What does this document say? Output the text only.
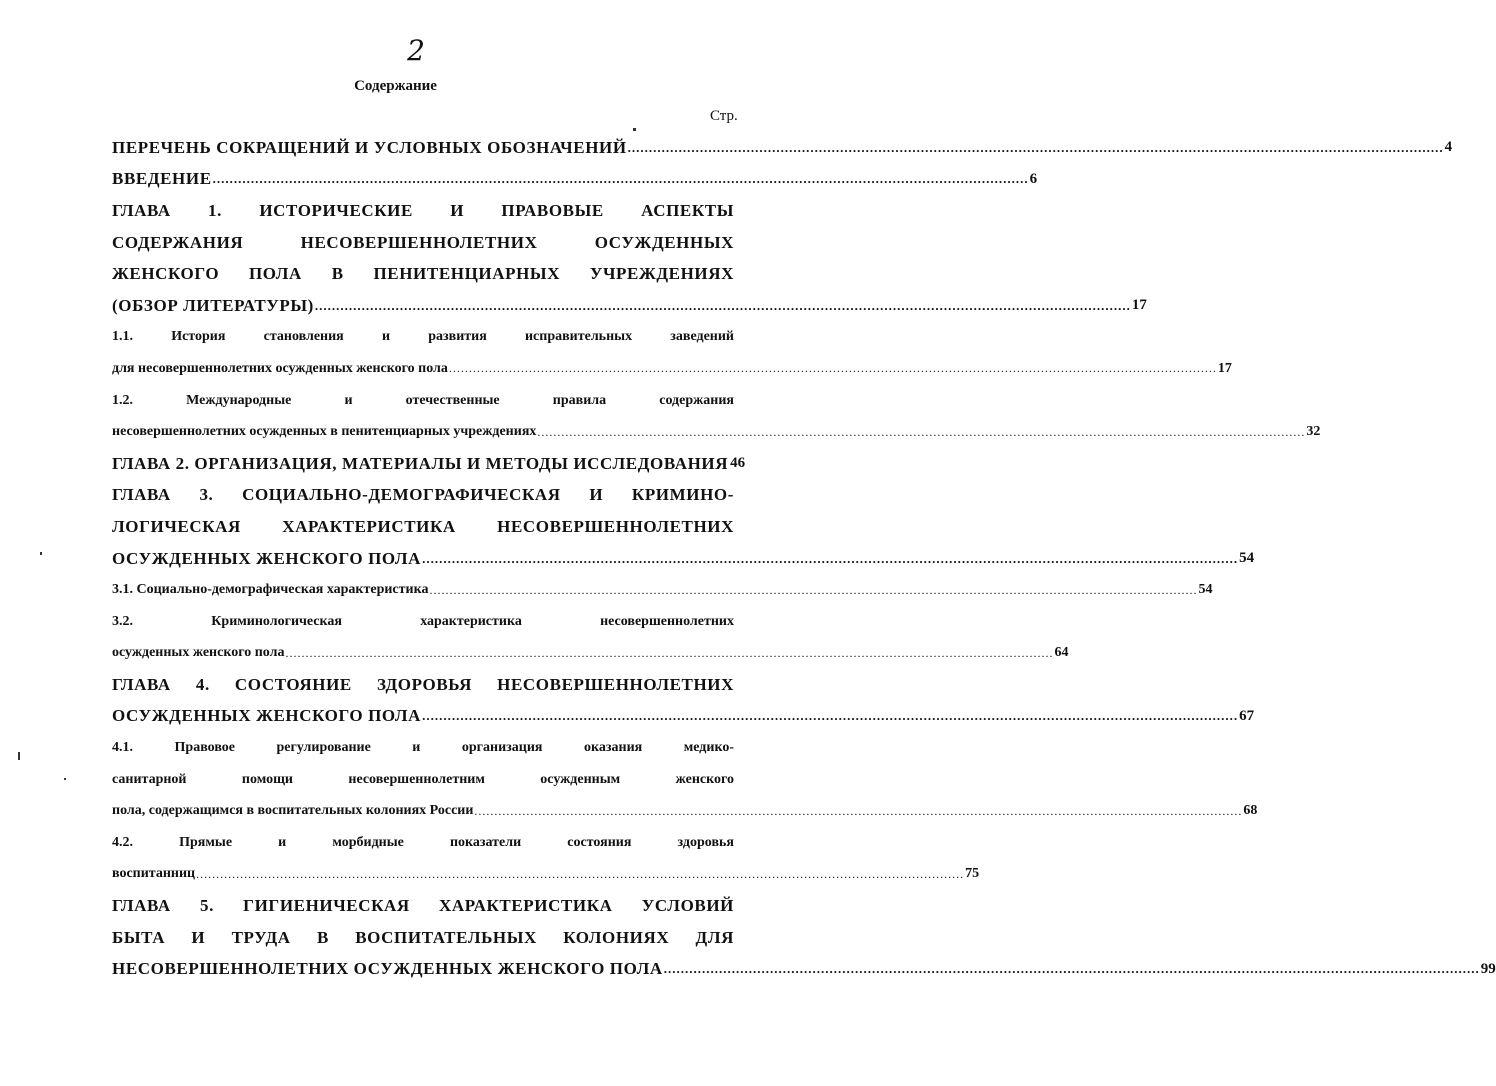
2
Содержание
Стр.
ПЕРЕЧЕНЬ СОКРАЩЕНИЙ И УСЛОВНЫХ ОБОЗНАЧЕНИЙ .....	4
ВВЕДЕНИЕ .....	6
ГЛАВА 1. ИСТОРИЧЕСКИЕ И ПРАВОВЫЕ АСПЕКТЫ
СОДЕРЖАНИЯ НЕСОВЕРШЕННОЛЕТНИХ ОСУЖДЕННЫХ
ЖЕНСКОГО ПОЛА В ПЕНИТЕНЦИАРНЫХ УЧРЕЖДЕНИЯХ
(ОБЗОР ЛИТЕРАТУРЫ) .....	17
1.1. История становления и развития исправительных заведений
для несовершеннолетних осужденных женского пола .....	17
1.2. Международные и отечественные правила содержания
несовершеннолетних осужденных в пенитенциарных учреждениях .....	32
ГЛАВА 2. ОРГАНИЗАЦИЯ, МАТЕРИАЛЫ И МЕТОДЫ ИССЛЕДОВАНИЯ 46
ГЛАВА 3. СОЦИАЛЬНО-ДЕМОГРАФИЧЕСКАЯ И КРИМИНО-
ЛОГИЧЕСКАЯ ХАРАКТЕРИСТИКА НЕСОВЕРШЕННОЛЕТНИХ
ОСУЖДЕННЫХ ЖЕНСКОГО ПОЛА .....	54
3.1. Социально-демографическая характеристика .....	54
3.2. Криминологическая характеристика несовершеннолетних
осужденных женского пола .....	64
ГЛАВА 4. СОСТОЯНИЕ ЗДОРОВЬЯ НЕСОВЕРШЕННОЛЕТНИХ
ОСУЖДЕННЫХ ЖЕНСКОГО ПОЛА .....	67
4.1. Правовое регулирование и организация оказания медико-
санитарной помощи несовершеннолетним осужденным женского
пола, содержащимся в воспитательных колониях России .....	68
4.2. Прямые и морбидные показатели состояния здоровья
воспитанниц .....	75
ГЛАВА 5. ГИГИЕНИЧЕСКАЯ ХАРАКТЕРИСТИКА УСЛОВИЙ
БЫТА И ТРУДА В ВОСПИТАТЕЛЬНЫХ КОЛОНИЯХ ДЛЯ
НЕСОВЕРШЕННОЛЕТНИХ ОСУЖДЕННЫХ ЖЕНСКОГО ПОЛА .....	99
